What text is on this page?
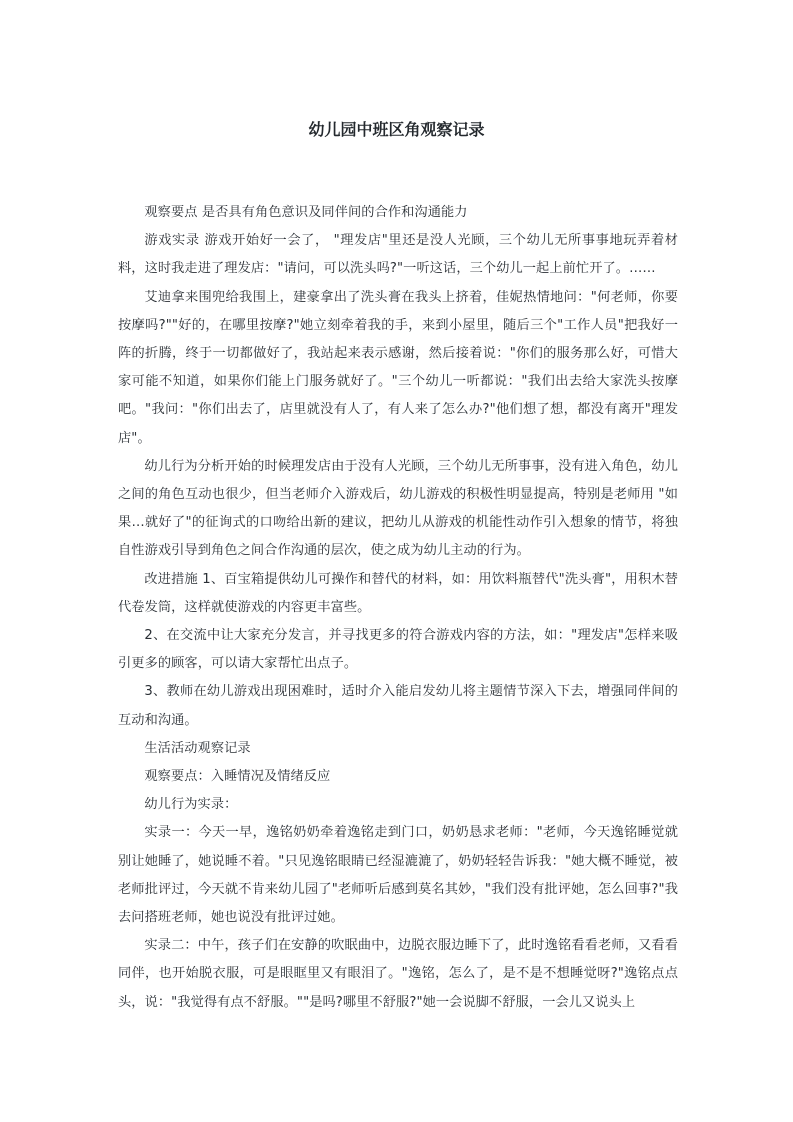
幼儿园中班区角观察记录

观察要点 是否具有角色意识及同伴间的合作和沟通能力

游戏实录 游戏开始好一会了， "理发店"里还是没人光顾，三个幼儿无所事事地玩弄着材料，这时我走进了理发店："请问，可以洗头吗?"一听这话，三个幼儿一起上前忙开了。……

艾迪拿来围兜给我围上，建豪拿出了洗头膏在我头上挤着，佳妮热情地问："何老师，你要按摩吗?""好的，在哪里按摩?"她立刻牵着我的手，来到小屋里，随后三个"工作人员"把我好一阵的折腾，终于一切都做好了，我站起来表示感谢，然后接着说："你们的服务那么好，可惜大家可能不知道，如果你们能上门服务就好了。"三个幼儿一听都说："我们出去给大家洗头按摩吧。"我问："你们出去了，店里就没有人了，有人来了怎么办?"他们想了想，都没有离开"理发店"。

幼儿行为分析开始的时候理发店由于没有人光顾，三个幼儿无所事事，没有进入角色，幼儿之间的角色互动也很少，但当老师介入游戏后，幼儿游戏的积极性明显提高，特别是老师用 "如果…就好了"的征询式的口吻给出新的建议，把幼儿从游戏的机能性动作引入想象的情节，将独自性游戏引导到角色之间合作沟通的层次，使之成为幼儿主动的行为。

改进措施 1、百宝箱提供幼儿可操作和替代的材料，如：用饮料瓶替代"洗头膏"，用积木替代卷发筒，这样就使游戏的内容更丰富些。

2、在交流中让大家充分发言，并寻找更多的符合游戏内容的方法，如："理发店"怎样来吸引更多的顾客，可以请大家帮忙出点子。

3、教师在幼儿游戏出现困难时，适时介入能启发幼儿将主题情节深入下去，增强同伴间的互动和沟通。

生活活动观察记录

观察要点：入睡情况及情绪反应

幼儿行为实录：

实录一：今天一早，逸铭奶奶牵着逸铭走到门口，奶奶恳求老师："老师，今天逸铭睡觉就别让她睡了，她说睡不着。"只见逸铭眼睛已经湿漉漉了，奶奶轻轻告诉我："她大概不睡觉，被老师批评过，今天就不肯来幼儿园了"老师听后感到莫名其妙，"我们没有批评她，怎么回事?"我去问搭班老师，她也说没有批评过她。

实录二：中午，孩子们在安静的吹眠曲中，边脱衣服边睡下了，此时逸铭看看老师，又看看同伴，也开始脱衣服，可是眼眶里又有眼泪了。"逸铭，怎么了，是不是不想睡觉呀?"逸铭点点头，说："我觉得有点不舒服。""是吗?哪里不舒服?"她一会说脚不舒服，一会儿又说头上
